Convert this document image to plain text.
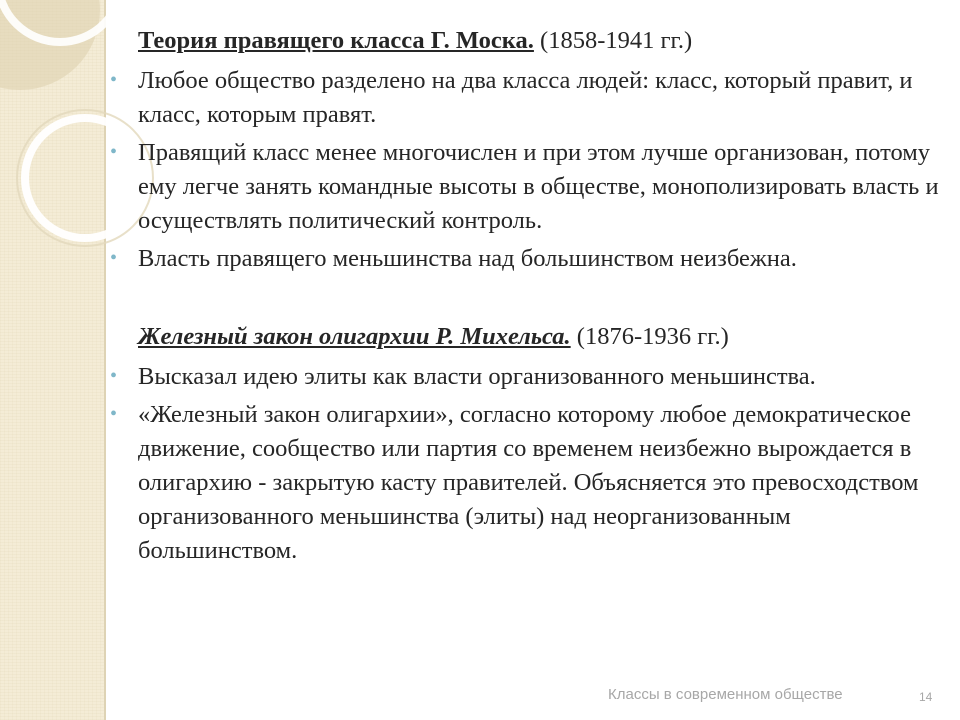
Теория правящего класса Г. Моска. (1858-1941 гг.)
• Любое общество разделено на два класса людей: класс, который правит, и класс, которым правят.
• Правящий класс менее многочислен и при этом лучше организован, потому ему легче занять командные высоты в обществе, монополизировать власть и осуществлять политический контроль.
• Власть правящего меньшинства над большинством неизбежна.
Железный закон олигархии Р. Михельса. (1876-1936 гг.)
• Высказал идею элиты как власти организованного меньшинства.
• «Железный закон олигархии», согласно которому любое демократическое движение, сообщество или партия со временем неизбежно вырождается в олигархию - закрытую касту правителей. Объясняется это превосходством организованного меньшинства (элиты) над неорганизованным большинством.
Классы в современном обществе	14
